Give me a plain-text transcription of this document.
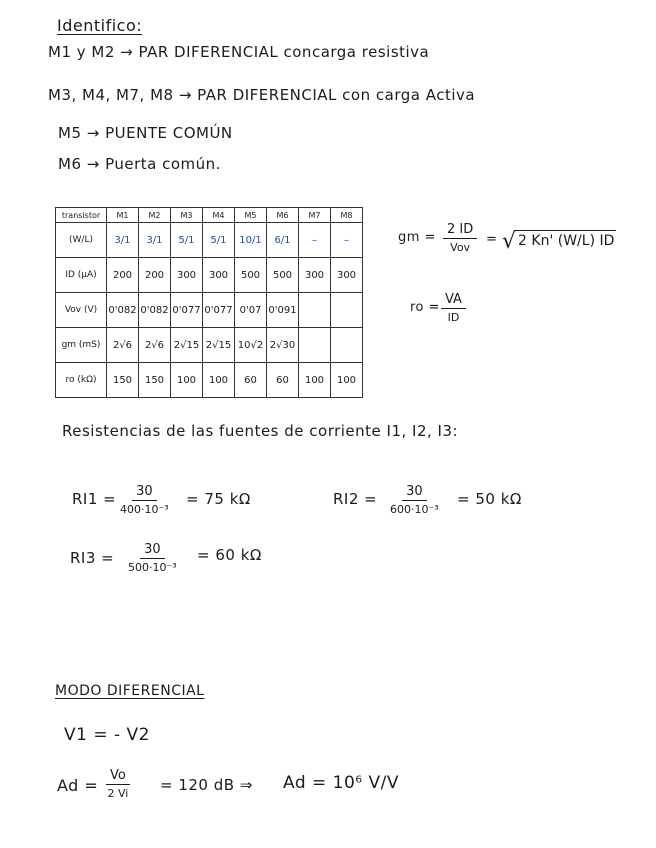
Identifico:
M1 y M2 → PAR DIFERENCIAL concarga resistiva
M3, M4, M7, M8 → PAR DIFERENCIAL con carga Activa
M5 → PUENTE COMÚN
M6 → Puerta común.
transistor	M1	M2	M3	M4	M5	M6	M7	M8
(W/L)	3/1	3/1	5/1	5/1	10/1	6/1	–	–
ID (µA)	200	200	300	300	500	500	300	300
Vov (V)	0'082	0'082	0'077	0'077	0'07	0'091		
gm (mS)	2√6	2√6	2√15	2√15	10√2	2√30		
ro (kΩ)	150	150	100	100	60	60	100	100
gm =
2 ID
Vov
= √ 2 Kn' (W/L) ID
ro =
VA
ID
Resistencias de las fuentes de corriente I1, I2, I3:
RI1 =	30
400·10⁻³
= 75 kΩ	RI2 =	30
600·10⁻³
= 50 kΩ
RI3 =	30
500·10⁻³
= 60 kΩ
MODO DIFERENCIAL
V1 = - V2
Ad =
Vo
2 Vi = 120 dB ⇒ Ad = 10⁶ V/V
